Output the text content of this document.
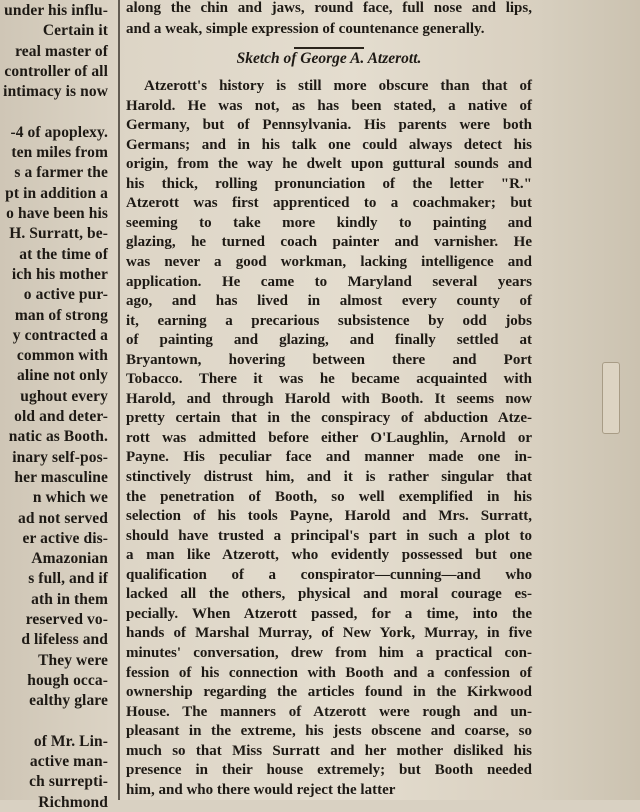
under his influ-
Certain it
real master of
controller of all
intimacy is now
-4 of apoplexy.
ten miles from
s a farmer the
pt in addition a
o have been his
H. Surratt, be-
at the time of
ich his mother
o active pur-
man of strong
y contracted a
common with
aline not only
ughout every
old and deter-
natic as Booth.
inary self-pos-
her masculine
n which we
ad not served
er active dis-
Amazonian
s full, and if
ath in them
reserved vo-
d lifeless and
They were
hough occa-
ealthy glare
of Mr. Lin-
active man-
ch surrepti-
Richmond
Sketch of George A. Atzerott.
along the chin and jaws, round face, full nose and lips,
and a weak, simple expression of countenance generally.
Atzerott's history is still more obscure than that of
Harold. He was not, as has been stated, a native of
Germany, but of Pennsylvania. His parents were both
Germans; and in his talk one could always detect his
origin, from the way he dwelt upon guttural sounds and
his thick, rolling pronunciation of the letter "R."
Atzerott was first apprenticed to a coachmaker; but
seeming to take more kindly to painting and
glazing, he turned coach painter and varnisher. He
was never a good workman, lacking intelligence and
application. He came to Maryland several years
ago, and has lived in almost every county of
it, earning a precarious subsistence by odd jobs
of painting and glazing, and finally settled at
Bryantown, hovering between there and Port
Tobacco. There it was he became acquainted with
Harold, and through Harold with Booth. It seems now
pretty certain that in the conspiracy of abduction Atze-
rott was admitted before either O'Laughlin, Arnold or
Payne. His peculiar face and manner made one in-
stinctively distrust him, and it is rather singular that
the penetration of Booth, so well exemplified in his
selection of his tools Payne, Harold and Mrs. Surratt,
should have trusted a principal's part in such a plot to
a man like Atzerott, who evidently possessed but one
qualification of a conspirator—cunning—and who
lacked all the others, physical and moral courage es-
pecially. When Atzerott passed, for a time, into the
hands of Marshal Murray, of New York, Murray, in five
minutes' conversation, drew from him a practical con-
fession of his connection with Booth and a confession of
ownership regarding the articles found in the Kirkwood
House. The manners of Atzerott were rough and un-
pleasant in the extreme, his jests obscene and coarse, so
much so that Miss Surratt and her mother disliked his
presence in their house extremely; but Booth needed
him, and who there would reject the latter
